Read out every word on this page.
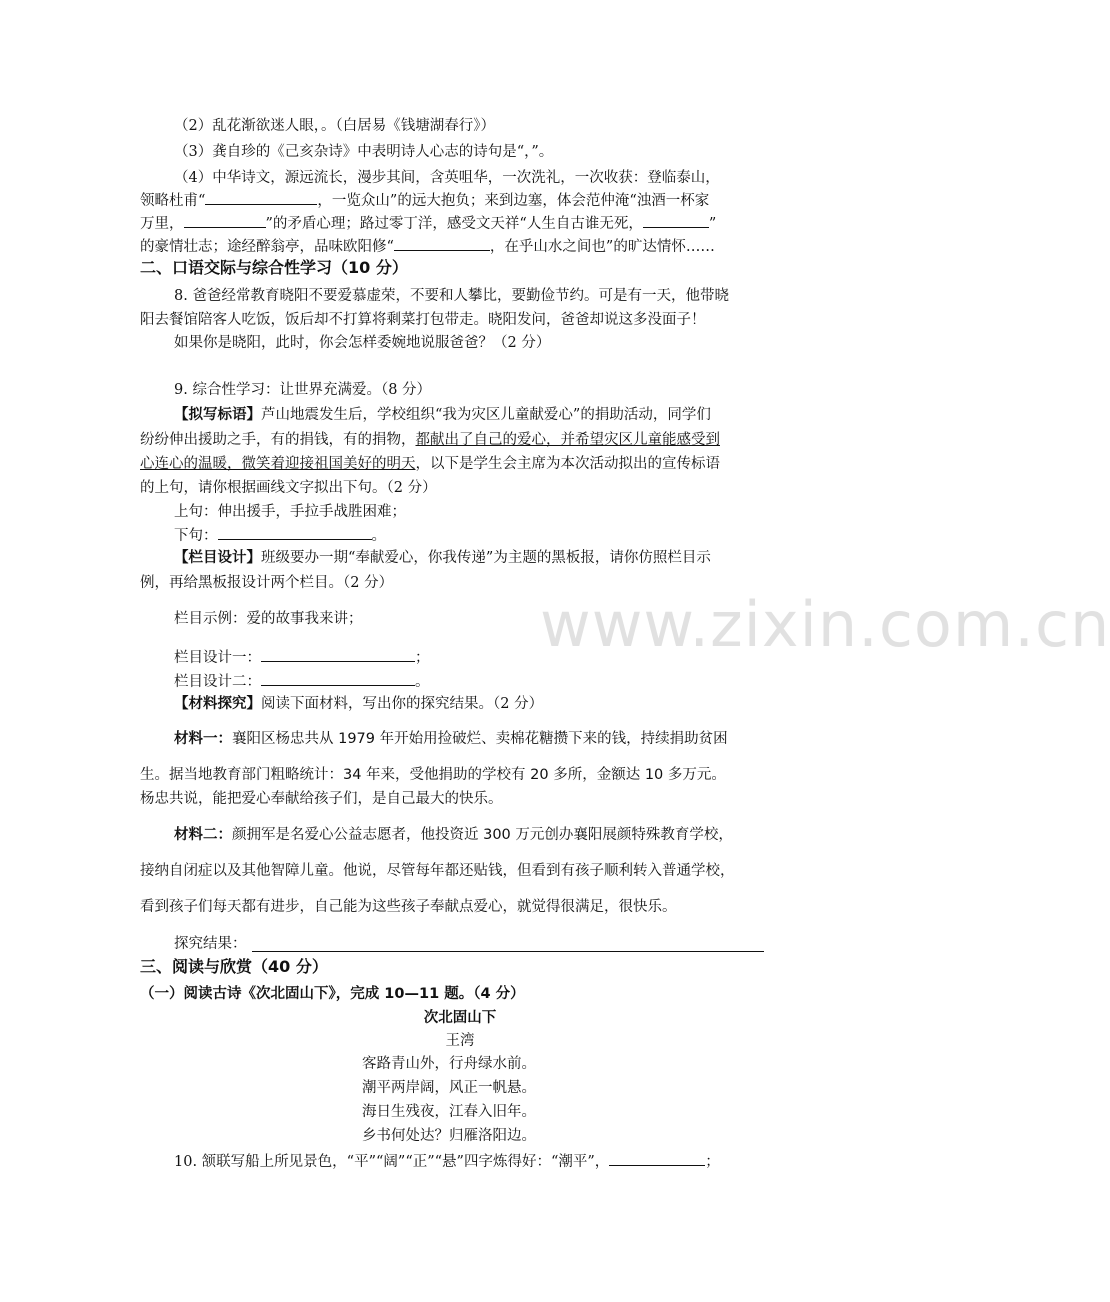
（2）乱花渐欲迷人眼，。（白居易《钱塘湖春行》）
（3）龚自珍的《己亥杂诗》中表明诗人心志的诗句是“，”。
（4）中华诗文，源远流长，漫步其间，含英咀华，一次洗礼，一次收获：登临泰山，
领略杜甫“	，一览众山”的远大抱负；来到边塞，体会范仲淹“浊酒一杯家
万里，	”的矛盾心理；路过零丁洋，感受文天祥“人生自古谁无死，	”
的豪情壮志；途经醉翁亭，品味欧阳修“	，在乎山水之间也”的旷达情怀……
二、口语交际与综合性学习（10 分）
8. 爸爸经常教育晓阳不要爱慕虚荣，不要和人攀比，要勤俭节约。可是有一天，他带晓
阳去餐馆陪客人吃饭，饭后却不打算将剩菜打包带走。晓阳发问，爸爸却说这多没面子！
如果你是晓阳，此时，你会怎样委婉地说服爸爸？（2 分）
9. 综合性学习：让世界充满爱。（8 分）
【拟写标语】芦山地震发生后，学校组织“我为灾区儿童献爱心”的捐助活动，同学们
纷纷伸出援助之手，有的捐钱，有的捐物，都献出了自己的爱心，并希望灾区儿童能感受到
心连心的温暖，微笑着迎接祖国美好的明天，以下是学生会主席为本次活动拟出的宣传标语
的上句，请你根据画线文字拟出下句。（2 分）
上句：伸出援手，手拉手战胜困难；
下句：	。
【栏目设计】班级要办一期“奉献爱心，你我传递”为主题的黑板报，请你仿照栏目示
例，再给黑板报设计两个栏目。（2 分）
栏目示例：爱的故事我来讲；
栏目设计一：	；
栏目设计二：	。
【材料探究】阅读下面材料，写出你的探究结果。（2 分）
材料一：襄阳区杨忠共从 1979 年开始用捡破烂、卖棉花糖攒下来的钱，持续捐助贫困
生。据当地教育部门粗略统计：34 年来，受他捐助的学校有 20 多所，金额达 10 多万元。
杨忠共说，能把爱心奉献给孩子们，是自己最大的快乐。
材料二：颜拥军是名爱心公益志愿者，他投资近 300 万元创办襄阳展颜特殊教育学校，
接纳自闭症以及其他智障儿童。他说，尽管每年都还贴钱，但看到有孩子顺利转入普通学校，
看到孩子们每天都有进步，自己能为这些孩子奉献点爱心，就觉得很满足，很快乐。
探究结果：
三、阅读与欣赏（40 分）
（一）阅读古诗《次北固山下》，完成 10—11 题。（4 分）
次北固山下
王湾
客路青山外，行舟绿水前。
潮平两岸阔，风正一帆悬。
海日生残夜，江春入旧年。
乡书何处达？归雁洛阳边。
10. 颔联写船上所见景色，“平”“阔”“正”“悬”四字炼得好：“潮平”，	；
www.zixin.com.cn
